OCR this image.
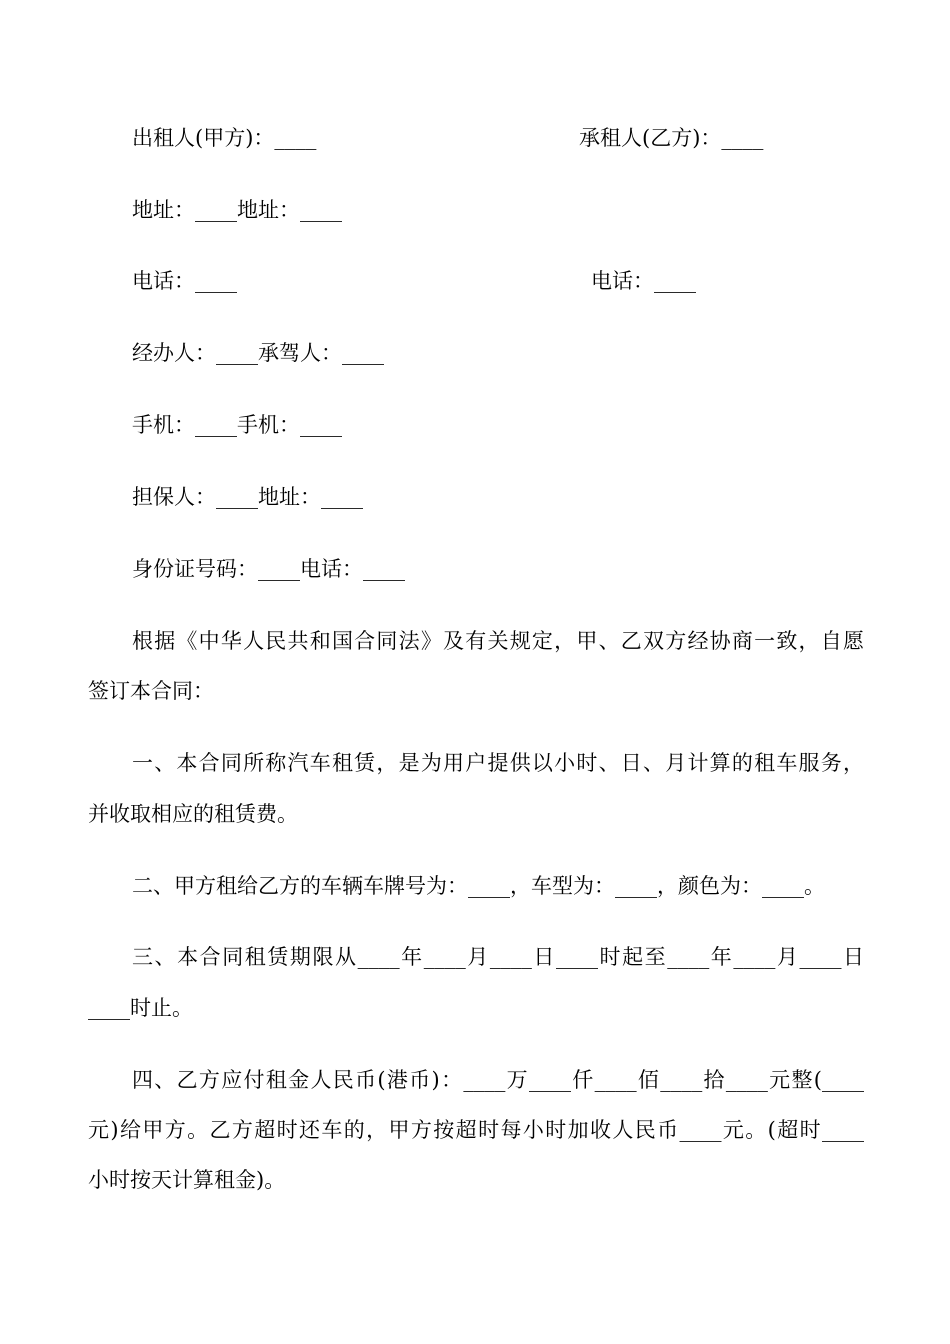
出租人(甲方)：____	承租人(乙方)：____
地址：____地址：____
电话：____	电话：____
经办人：____承驾人：____
手机：____手机：____
担保人：____地址：____
身份证号码：____电话：____
根据《中华人民共和国合同法》及有关规定，甲、乙双方经协商一致，自愿
签订本合同：
一、本合同所称汽车租赁，是为用户提供以小时、日、月计算的租车服务，
并收取相应的租赁费。
二、甲方租给乙方的车辆车牌号为：____，车型为：____，颜色为：____。
三、本合同租赁期限从____年____月____日____时起至____年____月____日
____时止。
四、乙方应付租金人民币(港币)：____万____仟____佰____拾____元整(____
元)给甲方。乙方超时还车的，甲方按超时每小时加收人民币____元。(超时____
小时按天计算租金)。
